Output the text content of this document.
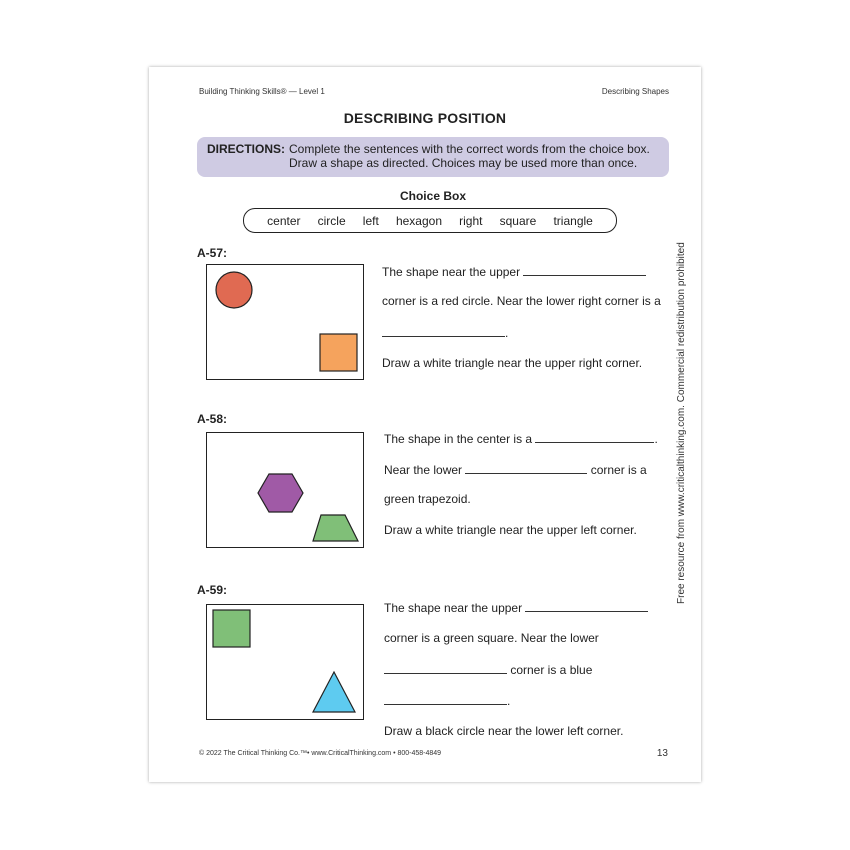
Building Thinking Skills® — Level 1	Describing Shapes
DESCRIBING POSITION
DIRECTIONS: Complete the sentences with the correct words from the choice box.
Draw a shape as directed. Choices may be used more than once.
Choice Box
center circle left hexagon right square triangle
A-57:
The shape near the upper
corner is a red circle. Near the lower right corner is a
.
Draw a white triangle near the upper right corner.
A-58:
The shape in the center is a	.
Near the lower	corner is a
green trapezoid.
Draw a white triangle near the upper left corner.
A-59:
The shape near the upper
corner is a green square. Near the lower
corner is a blue
.
Draw a black circle near the lower left corner.
Free resource from www.criticalthinking.com. Commercial redistribution prohibited
© 2022 The Critical Thinking Co.™• www.CriticalThinking.com • 800-458-4849	13
